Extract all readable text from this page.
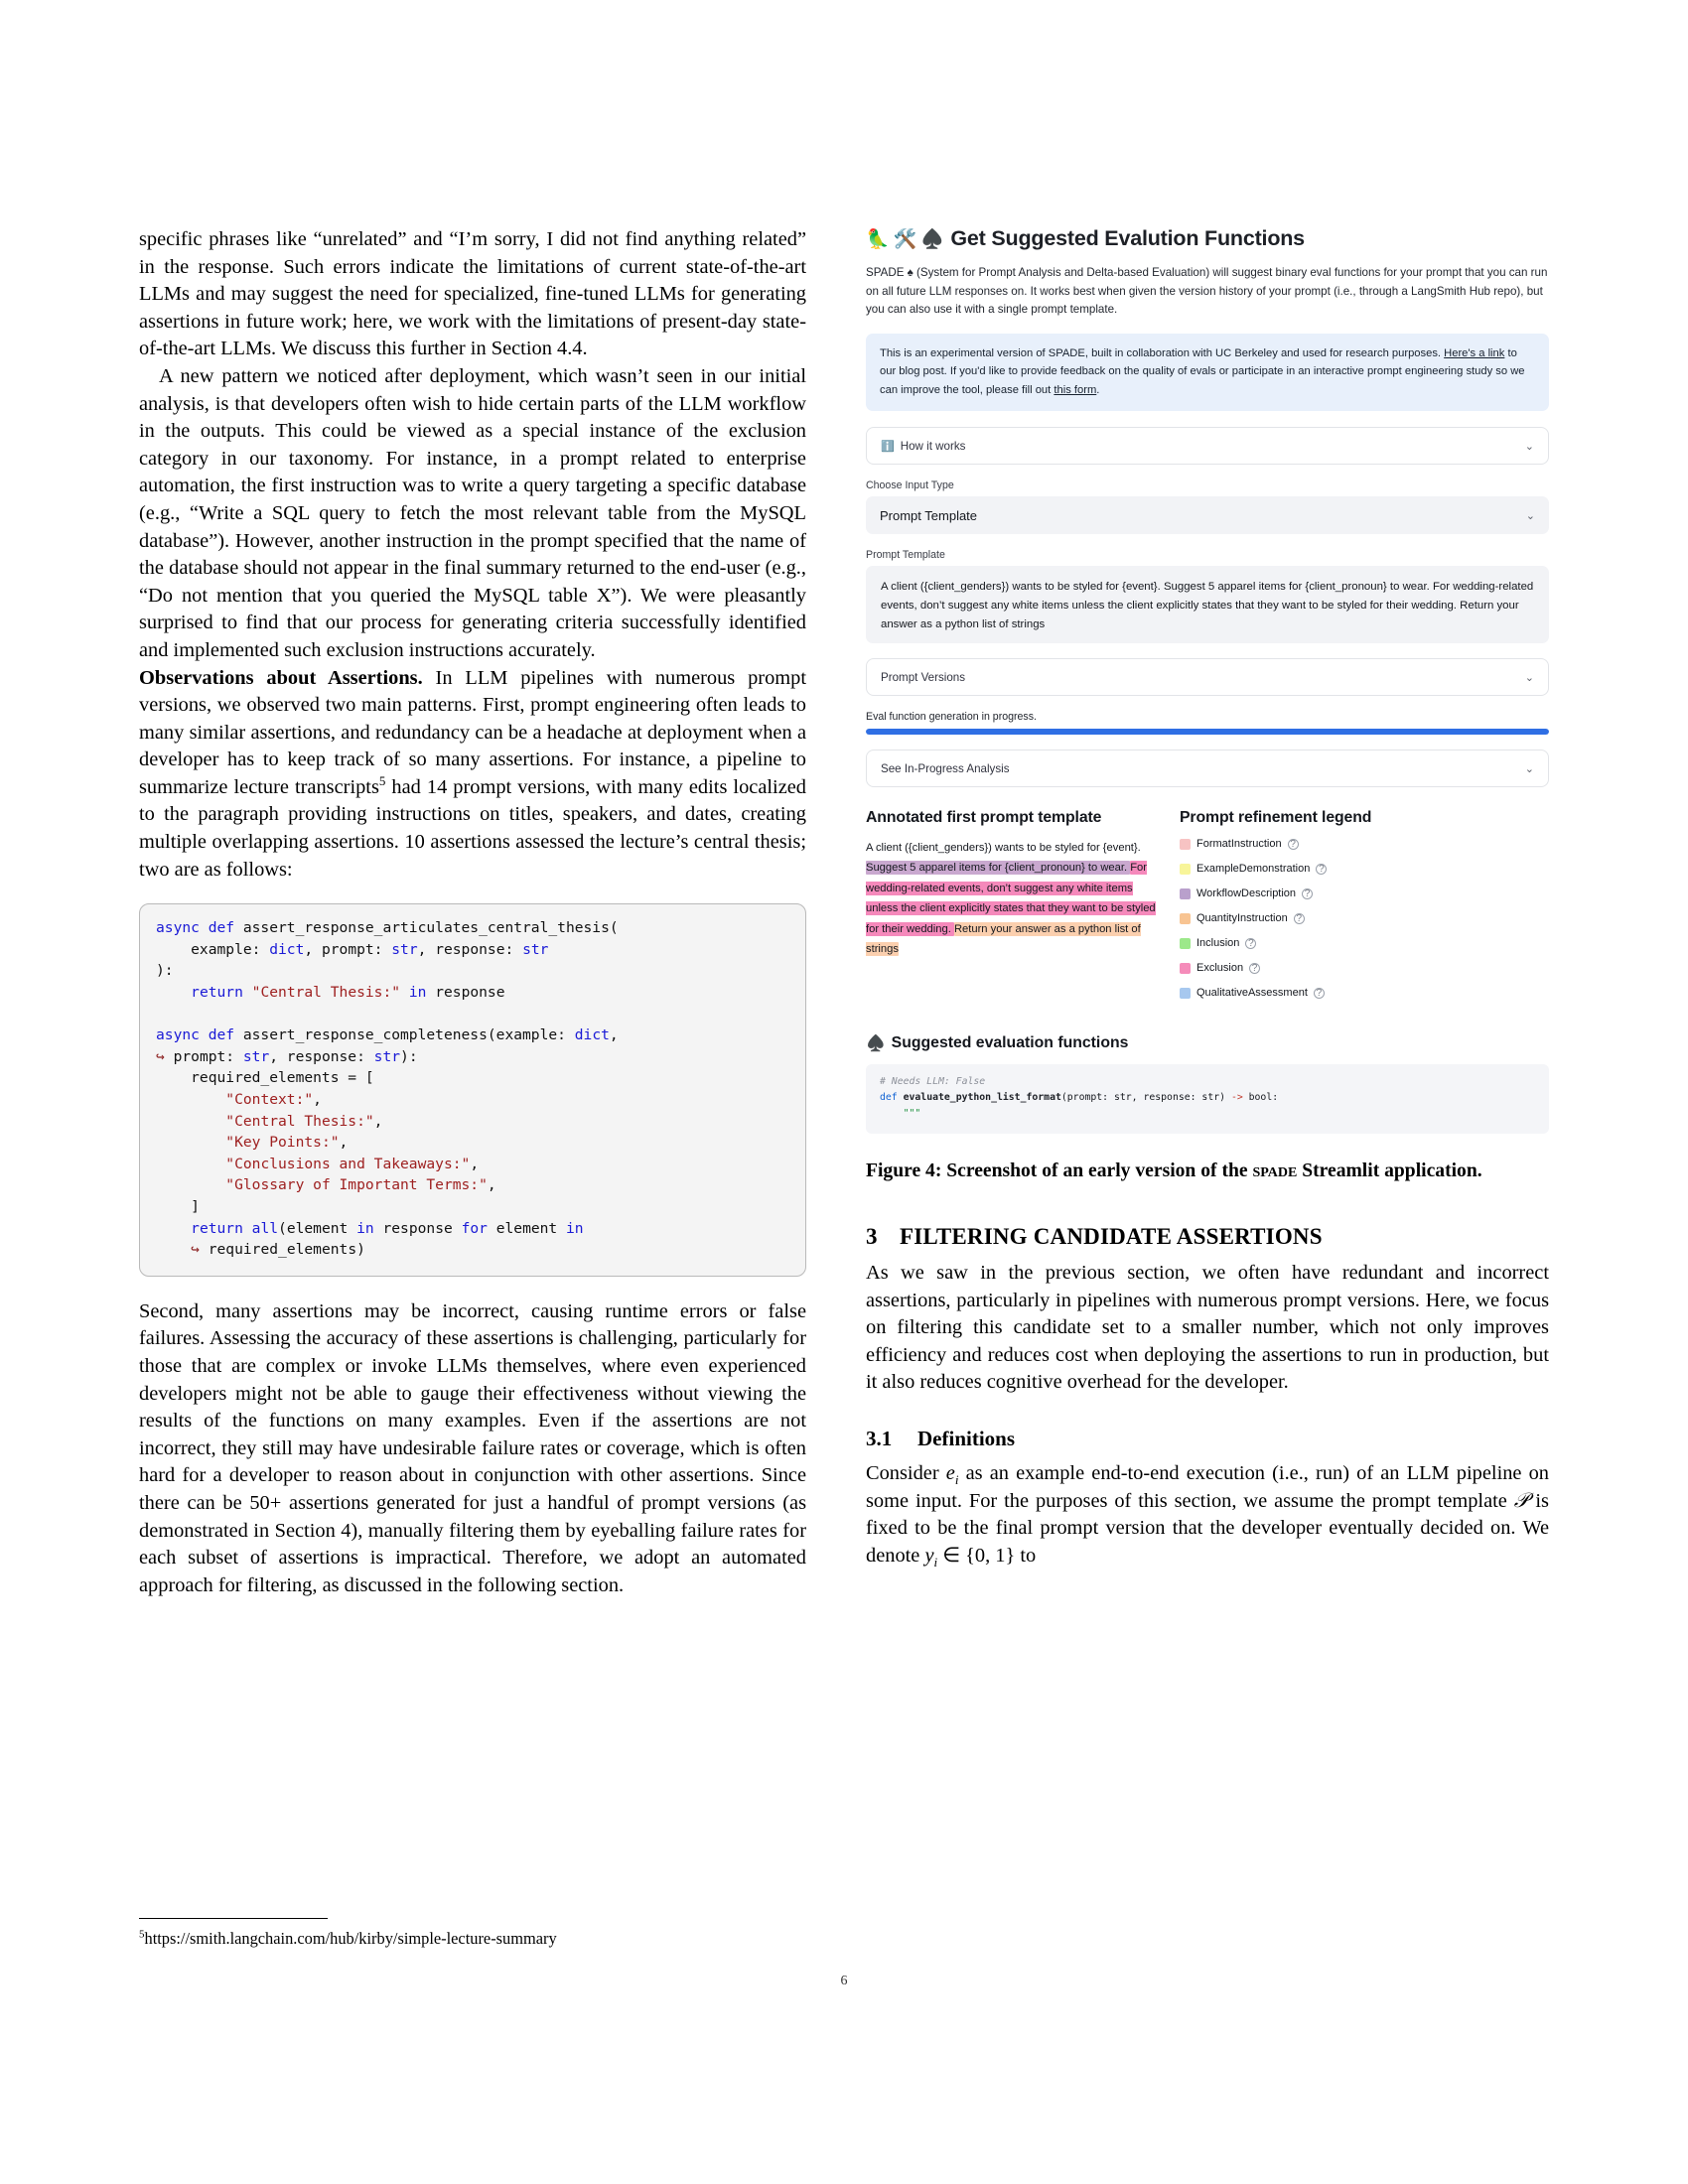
specific phrases like “unrelated” and “I’m sorry, I did not find anything related” in the response. Such errors indicate the limitations of current state-of-the-art LLMs and may suggest the need for specialized, fine-tuned LLMs for generating assertions in future work; here, we work with the limitations of present-day state-of-the-art LLMs. We discuss this further in Section 4.4.

A new pattern we noticed after deployment, which wasn’t seen in our initial analysis, is that developers often wish to hide certain parts of the LLM workflow in the outputs. This could be viewed as a special instance of the exclusion category in our taxonomy. For instance, in a prompt related to enterprise automation, the first instruction was to write a query targeting a specific database (e.g., “Write a SQL query to fetch the most relevant table from the MySQL database”). However, another instruction in the prompt specified that the name of the database should not appear in the final summary returned to the end-user (e.g., “Do not mention that you queried the MySQL table X”). We were pleasantly surprised to find that our process for generating criteria successfully identified and implemented such exclusion instructions accurately.

Observations about Assertions. In LLM pipelines with numerous prompt versions, we observed two main patterns. First, prompt engineering often leads to many similar assertions, and redundancy can be a headache at deployment when a developer has to keep track of so many assertions. For instance, a pipeline to summarize lecture transcripts$^5$ had 14 prompt versions, with many edits localized to the paragraph providing instructions on titles, speakers, and dates, creating multiple overlapping assertions. 10 assertions assessed the lecture’s central thesis; two are as follows:

async def assert_response_articulates_central_thesis(
example: dict, prompt: str, response: str
):
return "Central Thesis:" in response

async def assert_response_completeness(example: dict,
↪ prompt: str, response: str):
required_elements = [
"Context:",
"Central Thesis:",
"Key Points:",
"Conclusions and Takeaways:",
"Glossary of Important Terms:",
]
return all(element in response for element in
↪ required_elements)

Second, many assertions may be incorrect, causing runtime errors or false failures. Assessing the accuracy of these assertions is challenging, particularly for those that are complex or invoke LLMs themselves, where even experienced developers might not be able to gauge their effectiveness without viewing the results of the functions on many examples. Even if the assertions are not incorrect, they still may have undesirable failure rates or coverage, which is often hard for a developer to reason about in conjunction with other assertions. Since there can be 50+ assertions generated for just a handful of prompt versions (as demonstrated in Section 4), manually filtering them by eyeballing failure rates for each subset of assertions is impractical. Therefore, we adopt an automated approach for filtering, as discussed in the following section.

$^5$https://smith.langchain.com/hub/kirby/simple-lecture-summary
6
🦜 🛠️ ♠️ Get Suggested Evalution Functions

SPADE ♠ (System for Prompt Analysis and Delta-based Evaluation) will suggest binary eval functions for your prompt that you can run on all future LLM responses on. It works best when given the version history of your prompt (i.e., through a LangSmith Hub repo), but you can also use it with a single prompt template.

This is an experimental version of SPADE, built in collaboration with UC Berkeley and used for research purposes. Here's a link to our blog post. If you'd like to provide feedback on the quality of evals or participate in an interactive prompt engineering study so we can improve the tool, please fill out this form.
ℹ️ How it works	⌄
Choose Input Type
Prompt Template	⌄
Prompt Template
A client ({client_genders}) wants to be styled for {event}. Suggest 5 apparel items for {client_pronoun} to wear. For wedding-related events, don’t suggest any white items unless the client explicitly states that they want to be styled for their wedding. Return your answer as a python list of strings
Prompt Versions	⌄
Eval function generation in progress.
See In-Progress Analysis	⌄
Annotated first prompt template
A client ({client_genders}) wants to be styled for {event}. Suggest 5 apparel items for {client_pronoun} to wear. For wedding-related events, don’t suggest any white items unless the client explicitly states that they want to be styled for their wedding. Return your answer as a python list of strings
Prompt refinement legend
FormatInstruction ?
ExampleDemonstration ?
WorkflowDescription ?
QuantityInstruction ?
Inclusion ?
Exclusion ?
QualitativeAssessment ?
♠️ Suggested evaluation functions
# Needs LLM: False
def evaluate_python_list_format(prompt: str, response: str) -> bool:
"""
Figure 4: Screenshot of an early version of the spade Streamlit application.
3 FILTERING CANDIDATE ASSERTIONS

As we saw in the previous section, we often have redundant and incorrect assertions, particularly in pipelines with numerous prompt versions. Here, we focus on filtering this candidate set to a smaller number, which not only improves efficiency and reduces cost when deploying the assertions to run in production, but it also reduces cognitive overhead for the developer.

3.1 Definitions

Consider $e_i$ as an example end-to-end execution (i.e., run) of an LLM pipeline on some input. For the purposes of this section, we assume the prompt template 𝒫 is fixed to be the final prompt version that the developer eventually decided on. We denote $y_i$ ∈ {0, 1} to
